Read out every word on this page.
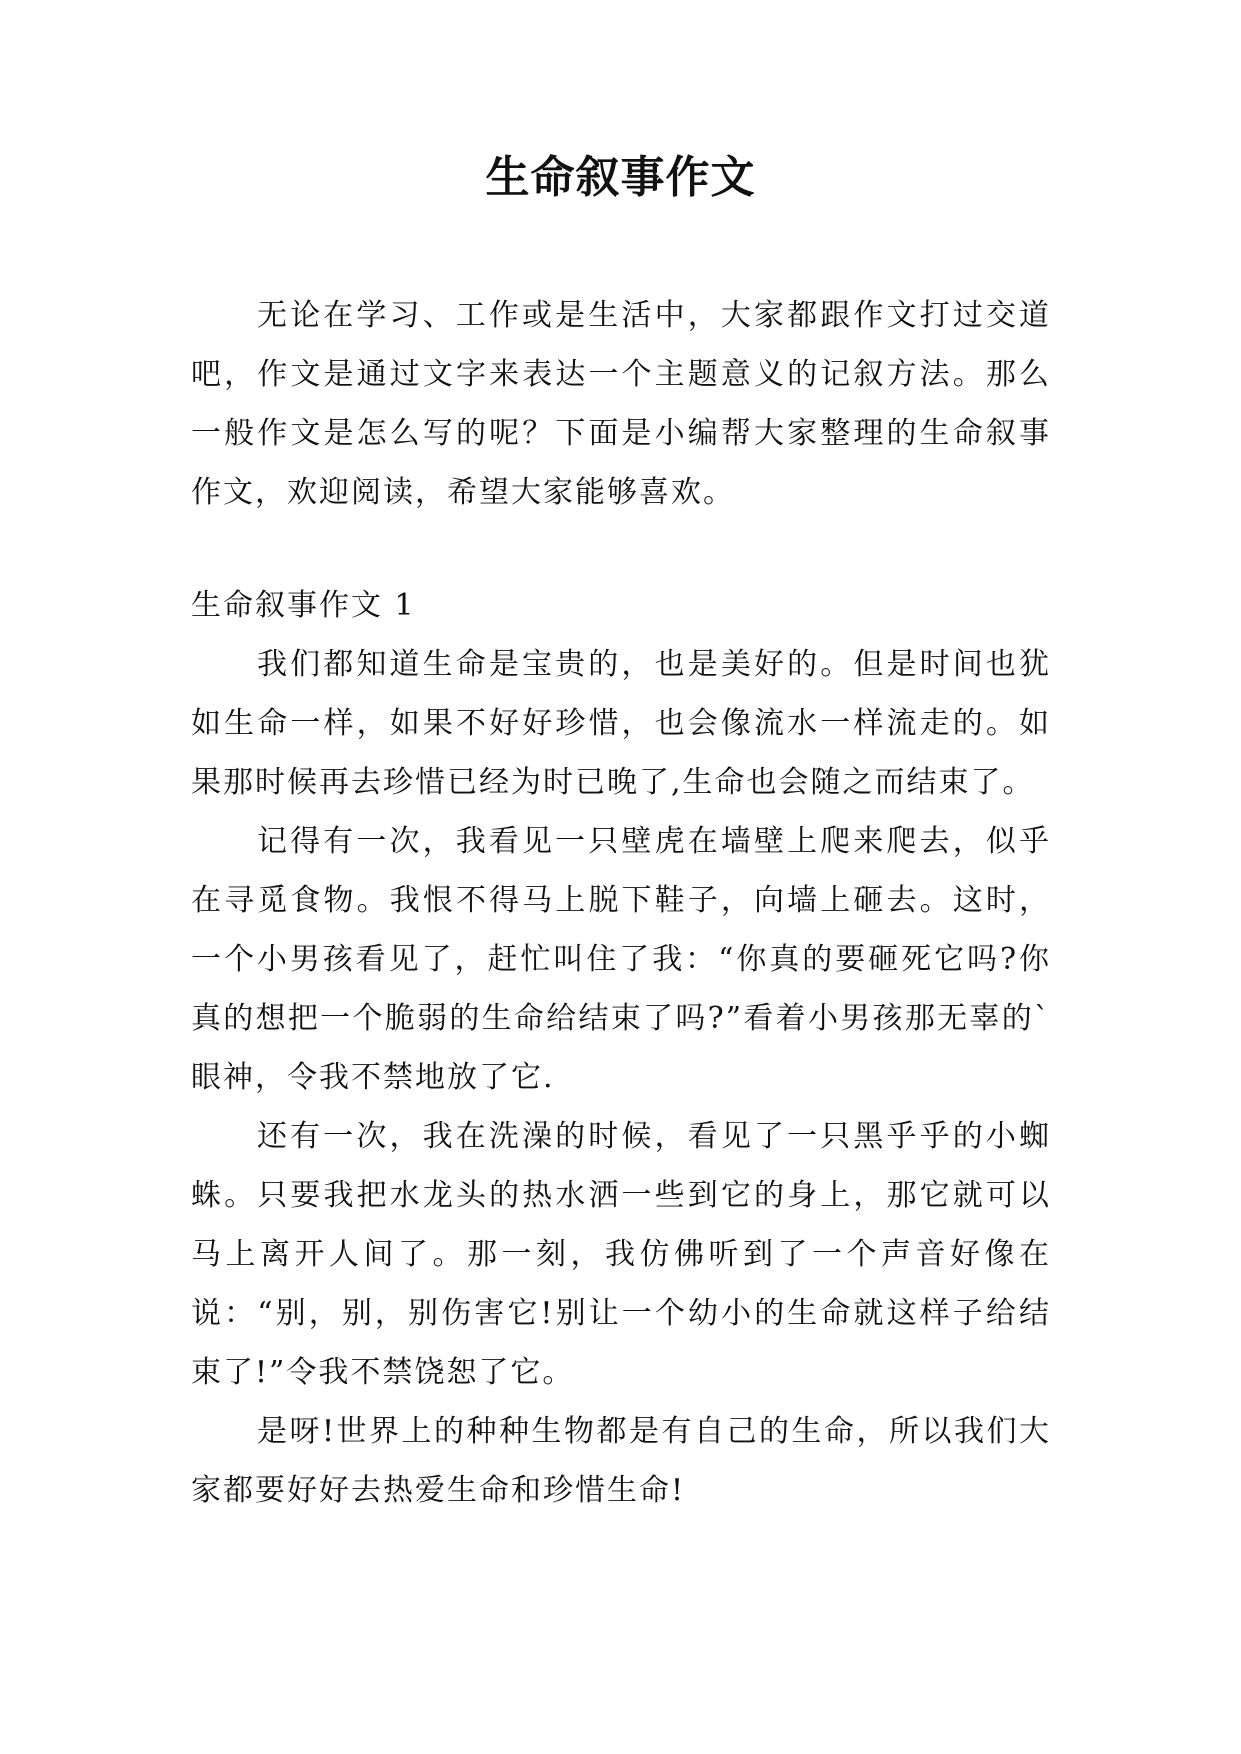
生命叙事作文

无论在学习、工作或是生活中，大家都跟作文打过交道吧，作文是通过文字来表达一个主题意义的记叙方法。那么一般作文是怎么写的呢？下面是小编帮大家整理的生命叙事作文，欢迎阅读，希望大家能够喜欢。

生命叙事作文 1

我们都知道生命是宝贵的，也是美好的。但是时间也犹如生命一样，如果不好好珍惜，也会像流水一样流走的。如果那时候再去珍惜已经为时已晚了,生命也会随之而结束了。

记得有一次，我看见一只壁虎在墙壁上爬来爬去，似乎在寻觅食物。我恨不得马上脱下鞋子，向墙上砸去。这时，一个小男孩看见了，赶忙叫住了我：“你真的要砸死它吗?你真的想把一个脆弱的生命给结束了吗?”看着小男孩那无辜的`眼神，令我不禁地放了它.

还有一次，我在洗澡的时候，看见了一只黑乎乎的小蜘蛛。只要我把水龙头的热水洒一些到它的身上，那它就可以马上离开人间了。那一刻，我仿佛听到了一个声音好像在说：“别，别，别伤害它!别让一个幼小的生命就这样子给结束了!”令我不禁饶恕了它。

是呀!世界上的种种生物都是有自己的生命，所以我们大家都要好好去热爱生命和珍惜生命!
